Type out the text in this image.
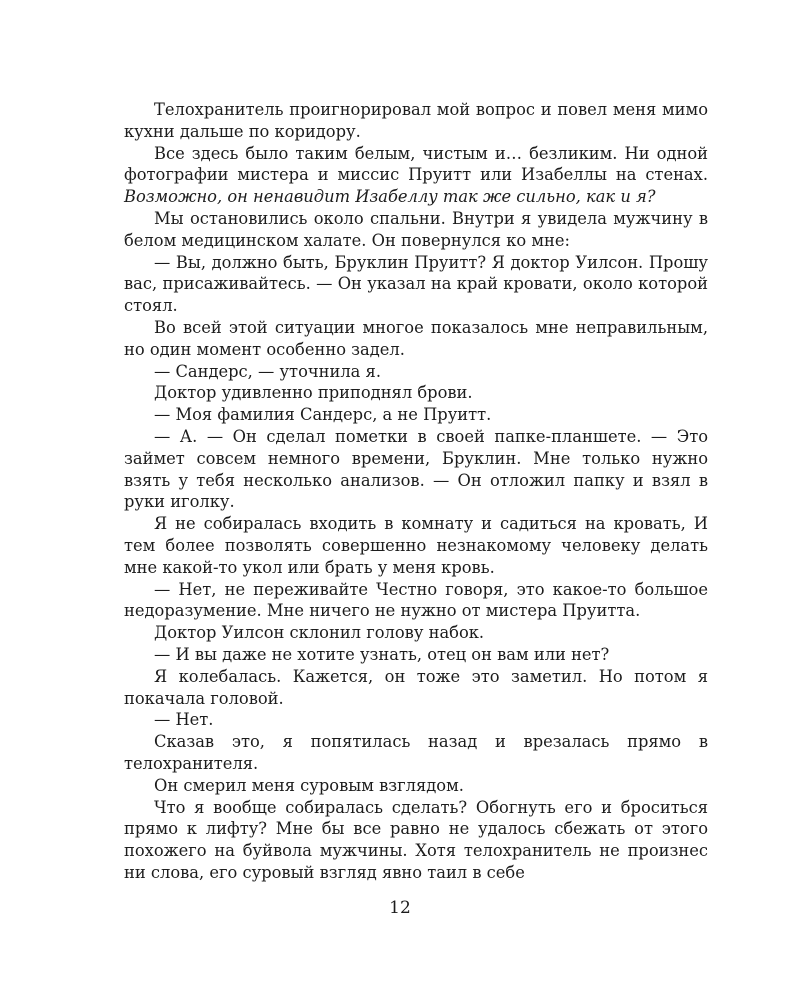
Телохранитель проигнорировал мой вопрос и повел меня мимо кухни дальше по коридору.

Все здесь было таким белым, чистым и… безликим. Ни одной фотографии мистера и миссис Пруитт или Изабеллы на стенах. Возможно, он ненавидит Изабеллу так же сильно, как и я?

Мы остановились около спальни. Внутри я увидела мужчину в белом медицинском халате. Он повернулся ко мне:

— Вы, должно быть, Бруклин Пруитт? Я доктор Уилсон. Прошу вас, присаживайтесь. — Он указал на край кровати, около которой стоял.

Во всей этой ситуации многое показалось мне неправильным, но один момент особенно задел.

— Сандерс, — уточнила я.

Доктор удивленно приподнял брови.

— Моя фамилия Сандерс, а не Пруитт.

— А. — Он сделал пометки в своей папке-планшете. — Это займет совсем немного времени, Бруклин. Мне только нужно взять у тебя несколько анализов. — Он отложил папку и взял в руки иголку.

Я не собиралась входить в комнату и садиться на кровать, И тем более позволять совершенно незнакомому человеку делать мне какой-то укол или брать у меня кровь.

— Нет, не переживайте Честно говоря, это какое-то большое недоразумение. Мне ничего не нужно от мистера Пруитта.

Доктор Уилсон склонил голову набок.

— И вы даже не хотите узнать, отец он вам или нет?

Я колебалась. Кажется, он тоже это заметил. Но потом я покачала головой.

— Нет.

Сказав это, я попятилась назад и врезалась прямо в телохранителя.

Он смерил меня суровым взглядом.

Что я вообще собиралась сделать? Обогнуть его и броситься прямо к лифту? Мне бы все равно не удалось сбежать от этого похожего на буйвола мужчины. Хотя телохранитель не произнес ни слова, его суровый взгляд явно таил в себе

12
